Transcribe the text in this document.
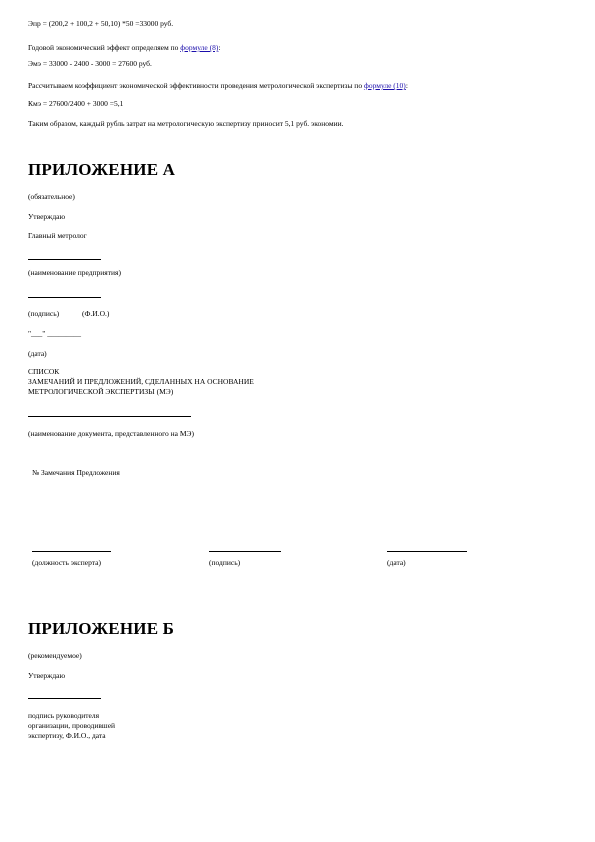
Эпр = (200,2 + 100,2 + 50,10) *50 =33000 руб.
Годовой экономический эффект определяем по формуле (8):
Эмэ = 33000 - 2400 - 3000 = 27600 руб.
Рассчитываем коэффициент экономической эффективности проведения метрологической экспертизы по формуле (10):
Кмэ = 27600/2400 + 3000 =5,1
Таким образом, каждый рубль затрат на метрологическую экспертизу приносит 5,1 руб. экономии.
ПРИЛОЖЕНИЕ А
(обязательное)
Утверждаю
Главный метролог
(наименование предприятия)
(подпись)	(Ф.И.О.)
"___" _________
(дата)
СПИСОК
ЗАМЕЧАНИЙ И ПРЕДЛОЖЕНИЙ, СДЕЛАННЫХ НА ОСНОВАНИЕ
МЕТРОЛОГИЧЕСКОЙ ЭКСПЕРТИЗЫ (МЭ)
(наименование документа, представленного на МЭ)
№ Замечания Предложения
(должность эксперта)	(подпись)	(дата)
ПРИЛОЖЕНИЕ Б
(рекомендуемое)
Утверждаю
подпись руководителя
организации, проводившей
экспертизу, Ф.И.О., дата
